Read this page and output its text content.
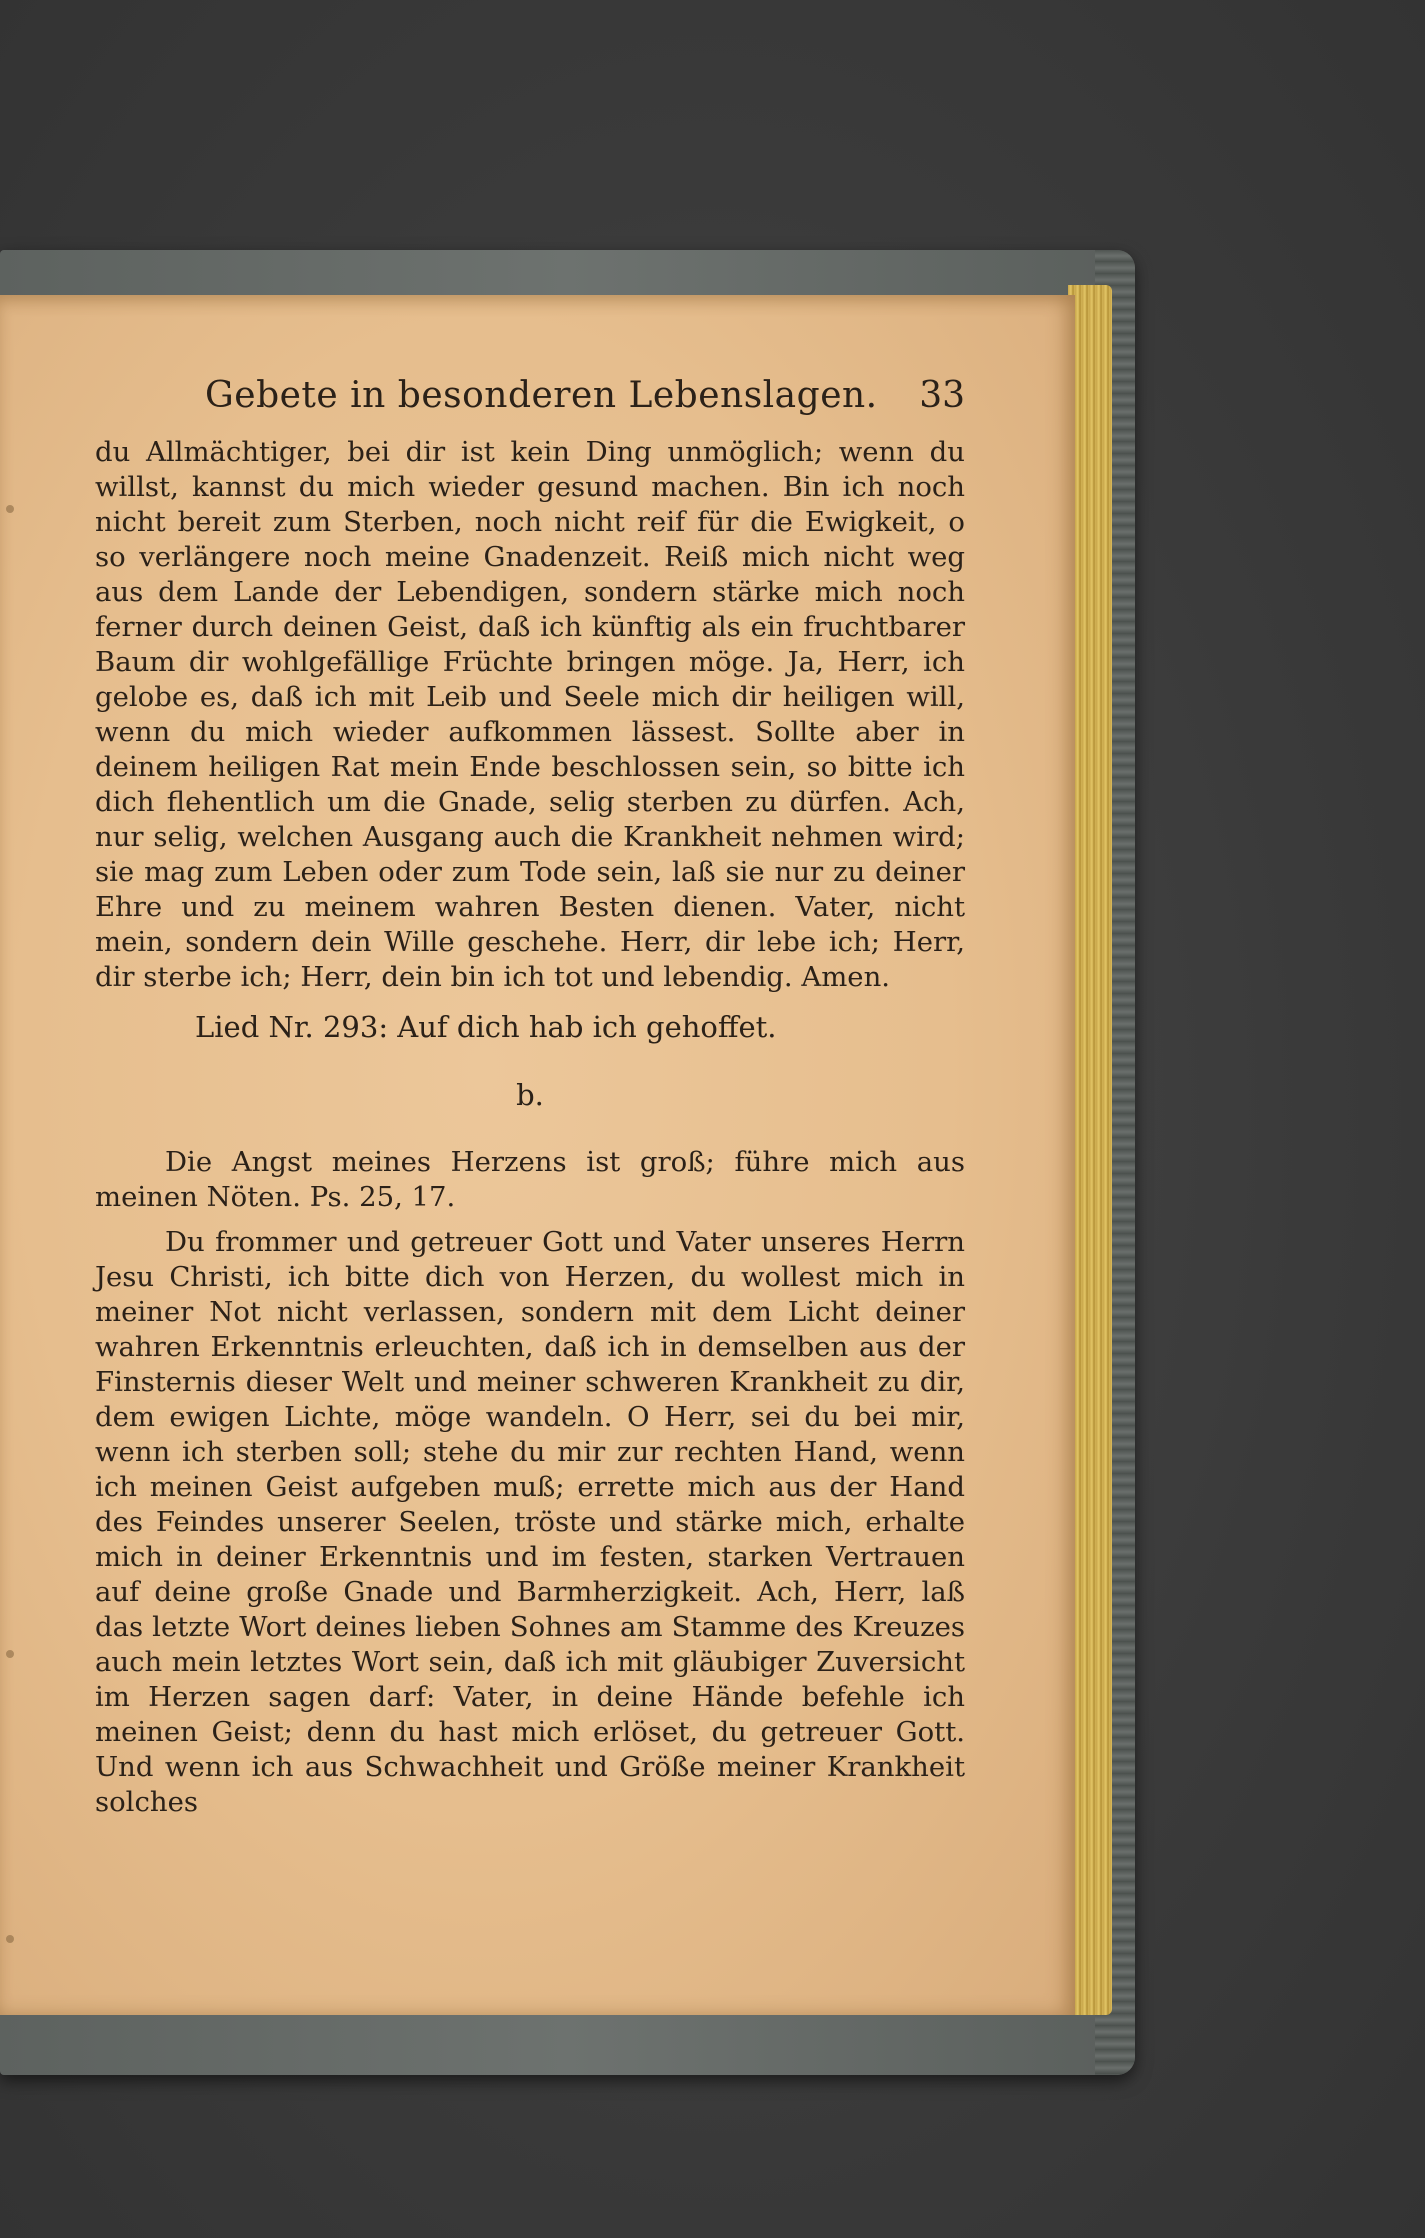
Gebete in besonderen Lebenslagen. 33

du Allmächtiger, bei dir ist kein Ding unmöglich; wenn du willst, kannst du mich wieder gesund machen. Bin ich noch nicht bereit zum Sterben, noch nicht reif für die Ewigkeit, o so verlängere noch meine Gnadenzeit. Reiß mich nicht weg aus dem Lande der Lebendigen, sondern stärke mich noch ferner durch deinen Geist, daß ich künftig als ein fruchtbarer Baum dir wohlgefällige Früchte bringen möge. Ja, Herr, ich gelobe es, daß ich mit Leib und Seele mich dir heiligen will, wenn du mich wieder aufkommen lässest. Sollte aber in deinem heiligen Rat mein Ende beschlossen sein, so bitte ich dich flehentlich um die Gnade, selig sterben zu dürfen. Ach, nur selig, welchen Ausgang auch die Krankheit nehmen wird; sie mag zum Leben oder zum Tode sein, laß sie nur zu deiner Ehre und zu meinem wahren Besten dienen. Vater, nicht mein, sondern dein Wille geschehe. Herr, dir lebe ich; Herr, dir sterbe ich; Herr, dein bin ich tot und lebendig. Amen.

Lied Nr. 293: Auf dich hab ich gehoffet.

b.

Die Angst meines Herzens ist groß; führe mich aus meinen Nöten. Ps. 25, 17.

Du frommer und getreuer Gott und Vater unseres Herrn Jesu Christi, ich bitte dich von Herzen, du wollest mich in meiner Not nicht verlassen, sondern mit dem Licht deiner wahren Erkenntnis erleuchten, daß ich in demselben aus der Finsternis dieser Welt und meiner schweren Krankheit zu dir, dem ewigen Lichte, möge wandeln. O Herr, sei du bei mir, wenn ich sterben soll; stehe du mir zur rechten Hand, wenn ich meinen Geist aufgeben muß; errette mich aus der Hand des Feindes unserer Seelen, tröste und stärke mich, erhalte mich in deiner Erkenntnis und im festen, starken Vertrauen auf deine große Gnade und Barmherzigkeit. Ach, Herr, laß das letzte Wort deines lieben Sohnes am Stamme des Kreuzes auch mein letztes Wort sein, daß ich mit gläubiger Zuversicht im Herzen sagen darf: Vater, in deine Hände befehle ich meinen Geist; denn du hast mich erlöset, du getreuer Gott. Und wenn ich aus Schwachheit und Größe meiner Krankheit solches
